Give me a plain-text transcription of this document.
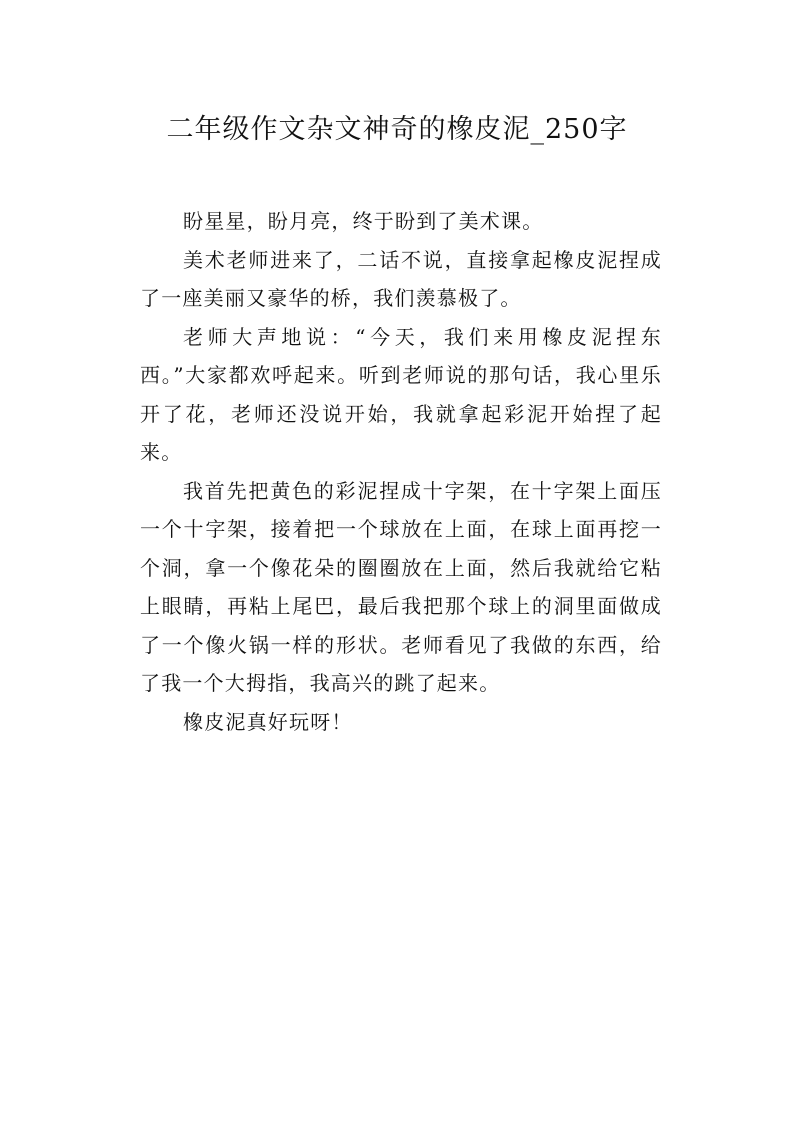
二年级作文杂文神奇的橡皮泥_250字

盼星星，盼月亮，终于盼到了美术课。

美术老师进来了，二话不说，直接拿起橡皮泥捏成了一座美丽又豪华的桥，我们羡慕极了。

老师大声地说：“今天，我们来用橡皮泥捏东西。”大家都欢呼起来。听到老师说的那句话，我心里乐开了花，老师还没说开始，我就拿起彩泥开始捏了起来。

我首先把黄色的彩泥捏成十字架，在十字架上面压一个十字架，接着把一个球放在上面，在球上面再挖一个洞，拿一个像花朵的圈圈放在上面，然后我就给它粘上眼睛，再粘上尾巴，最后我把那个球上的洞里面做成了一个像火锅一样的形状。老师看见了我做的东西，给了我一个大拇指，我高兴的跳了起来。

橡皮泥真好玩呀！
